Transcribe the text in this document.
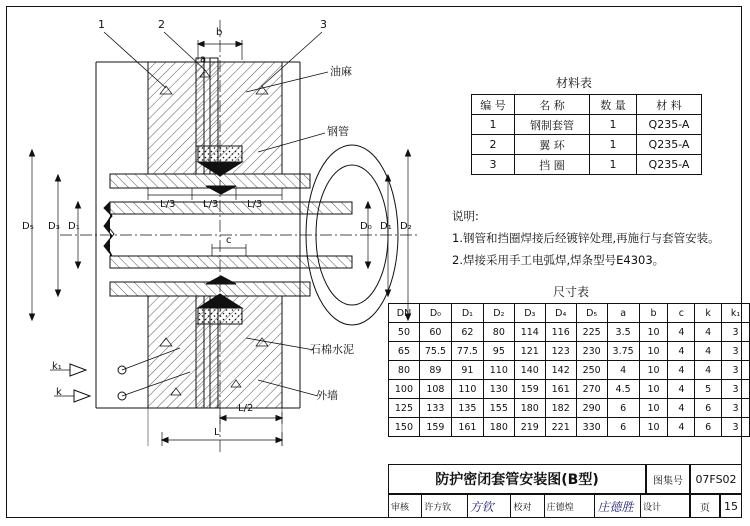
1	2	3
油麻
钢管
石棉水泥
外墙
b
a
c
L/3	L/3	L/3
L/2
L
D₅ D₃ D₁	D₀ D₁ D₂
k₁
k
材料表
编 号	名 称	数 量	材 料
1	钢制套管	1	Q235-A
2	翼 环	1	Q235-A
3	挡 圈	1	Q235-A
说明:
1.钢管和挡圈焊接后经镀锌处理,再施行与套管安装。
2.焊接采用手工电弧焊,焊条型号E4303。
尺寸表
DN	D₀	D₁	D₂	D₃	D₄	D₅	a	b	c	k	k₁
50	60	62	80	114	116	225	3.5	10	4	4	3
65	75.5	77.5	95	121	123	230	3.75	10	4	4	3
80	89	91	110	140	142	250	4	10	4	4	3
100	108	110	130	159	161	270	4.5	10	4	5	3
125	133	135	155	180	182	290	6	10	4	6	3
150	159	161	180	219	221	330	6	10	4	6	3
防护密闭套管安装图(B型)	图集号	07FS02
审核	许方钦	方钦	校对	庄德煌	庄德胜	设计	页	15
